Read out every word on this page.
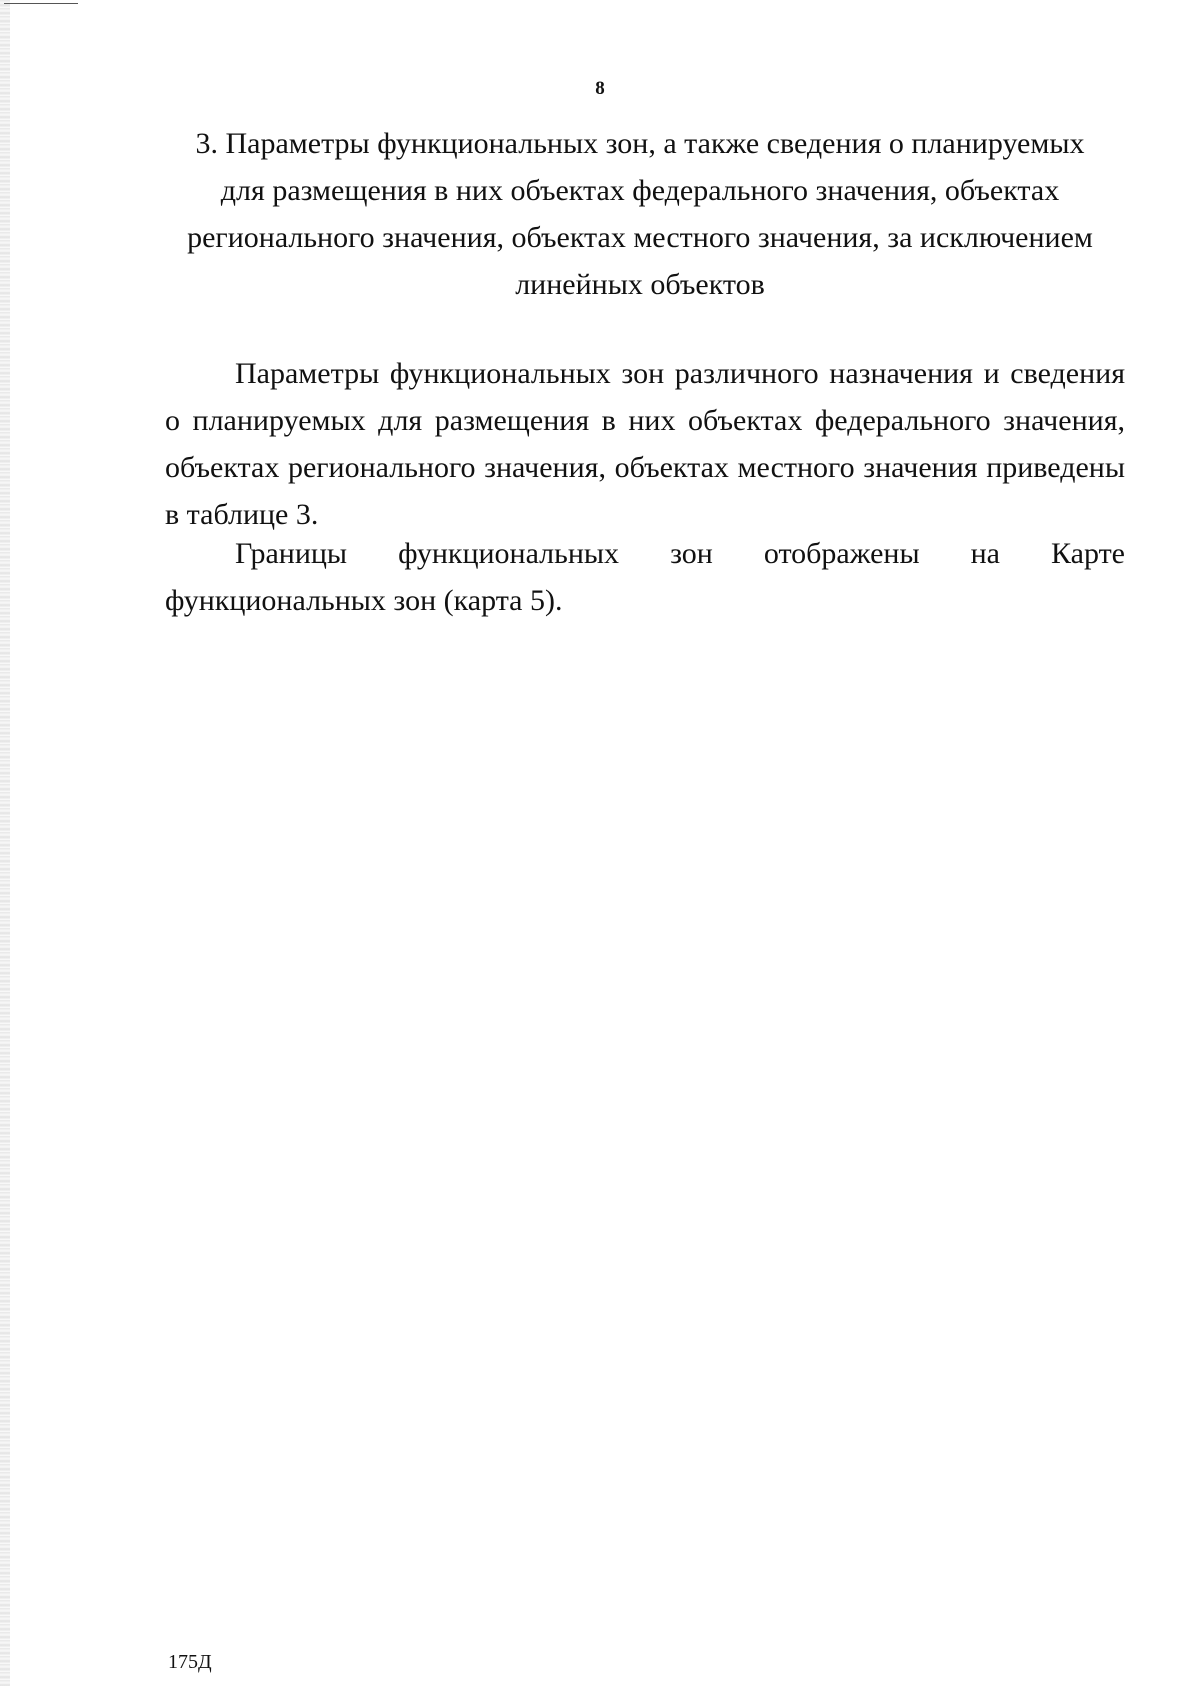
8
3. Параметры функциональных зон, а также сведения о планируемых
для размещения в них объектах федерального значения, объектах
регионального значения, объектах местного значения, за исключением
линейных объектов

Параметры функциональных зон различного назначения и сведения о планируемых для размещения в них объектах федерального значения, объектах регионального значения, объектах местного значения приведены в таблице 3.

Границы функциональных зон отображены на Карте функциональных зон (карта 5).

175Д
